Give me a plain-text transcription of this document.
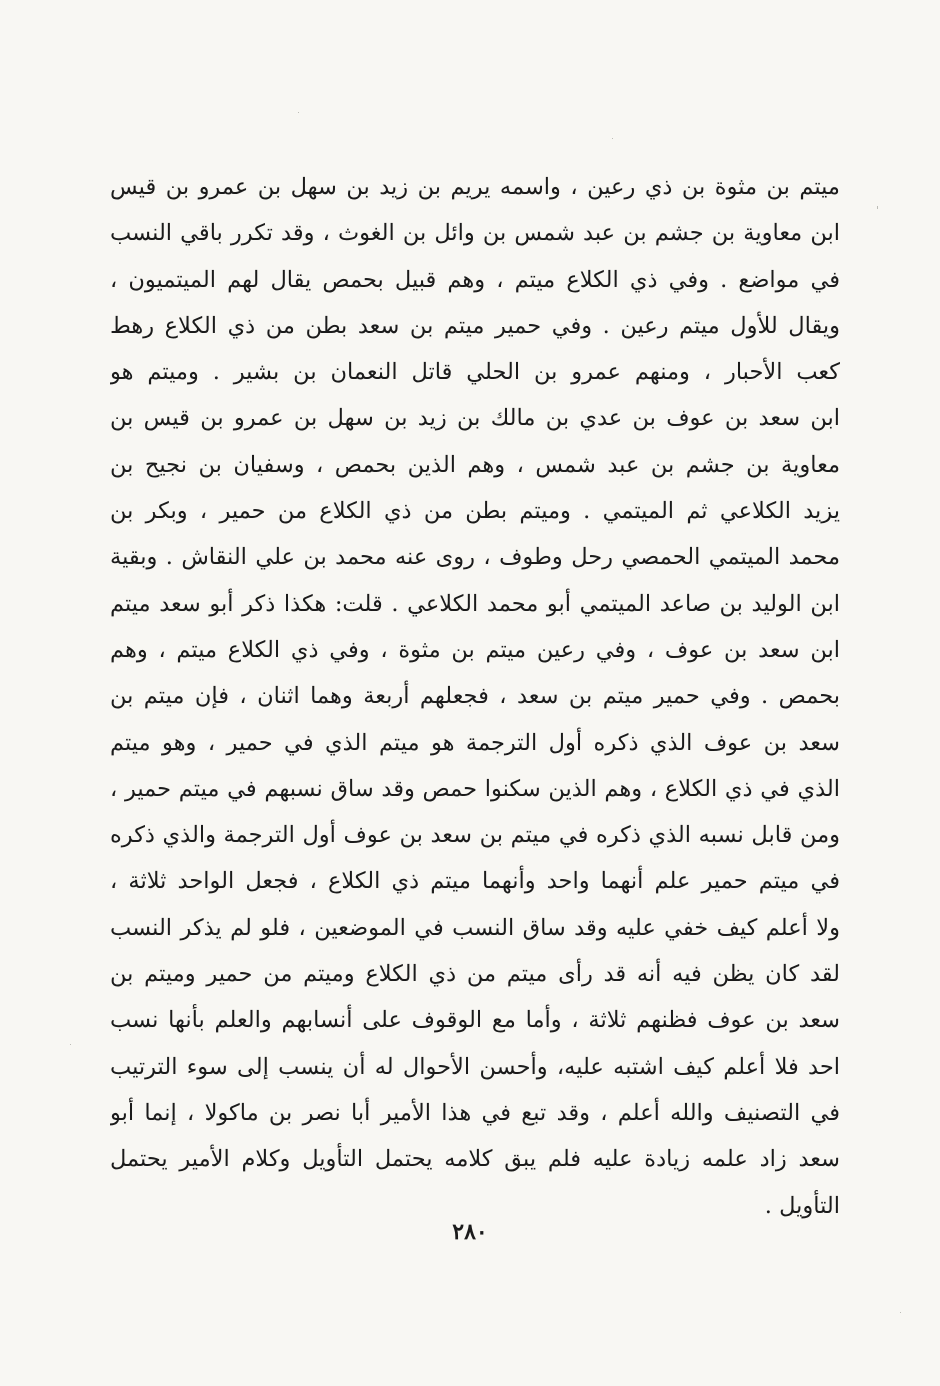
ميتم بن مثوة بن ذي رعين ، واسمه يريم بن زيد بن سهل بن عمرو بن قيس
ابن معاوية بن جشم بن عبد شمس بن وائل بن الغوث ، وقد تكرر باقي النسب
في مواضع . وفي ذي الكلاع ميتم ، وهم قبيل بحمص يقال لهم الميتميون ،
ويقال للأول ميتم رعين . وفي حمير ميتم بن سعد بطن من ذي الكلاع رهط
كعب الأحبار ، ومنهم عمرو بن الحلي قاتل النعمان بن بشير . وميتم هو
ابن سعد بن عوف بن عدي بن مالك بن زيد بن سهل بن عمرو بن قيس بن
معاوية بن جشم بن عبد شمس ، وهم الذين بحمص ، وسفيان بن نجيح بن
يزيد الكلاعي ثم الميتمي . وميتم بطن من ذي الكلاع من حمير ، وبكر بن
محمد الميتمي الحمصي رحل وطوف ، روى عنه محمد بن علي النقاش . وبقية
ابن الوليد بن صاعد الميتمي أبو محمد الكلاعي . قلت: هكذا ذكر أبو سعد ميتم
ابن سعد بن عوف ، وفي رعين ميتم بن مثوة ، وفي ذي الكلاع ميتم ، وهم
بحمص . وفي حمير ميتم بن سعد ، فجعلهم أربعة وهما اثنان ، فإن ميتم بن
سعد بن عوف الذي ذكره أول الترجمة هو ميتم الذي في حمير ، وهو ميتم
الذي في ذي الكلاع ، وهم الذين سكنوا حمص وقد ساق نسبهم في ميتم حمير ،
ومن قابل نسبه الذي ذكره في ميتم بن سعد بن عوف أول الترجمة والذي ذكره
في ميتم حمير علم أنهما واحد وأنهما ميتم ذي الكلاع ، فجعل الواحد ثلاثة ،
ولا أعلم كيف خفي عليه وقد ساق النسب في الموضعين ، فلو لم يذكر النسب
لقد كان يظن فيه أنه قد رأى ميتم من ذي الكلاع وميتم من حمير وميتم بن
سعد بن عوف فظنهم ثلاثة ، وأما مع الوقوف على أنسابهم والعلم بأنها نسب
احد فلا أعلم كيف اشتبه عليه، وأحسن الأحوال له أن ينسب إلى سوء الترتيب
في التصنيف والله أعلم ، وقد تبع في هذا الأمير أبا نصر بن ماكولا ، إنما أبو
سعد زاد علمه زيادة عليه فلم يبق كلامه يحتمل التأويل وكلام الأمير يحتمل
التأويل .
٢٨٠
